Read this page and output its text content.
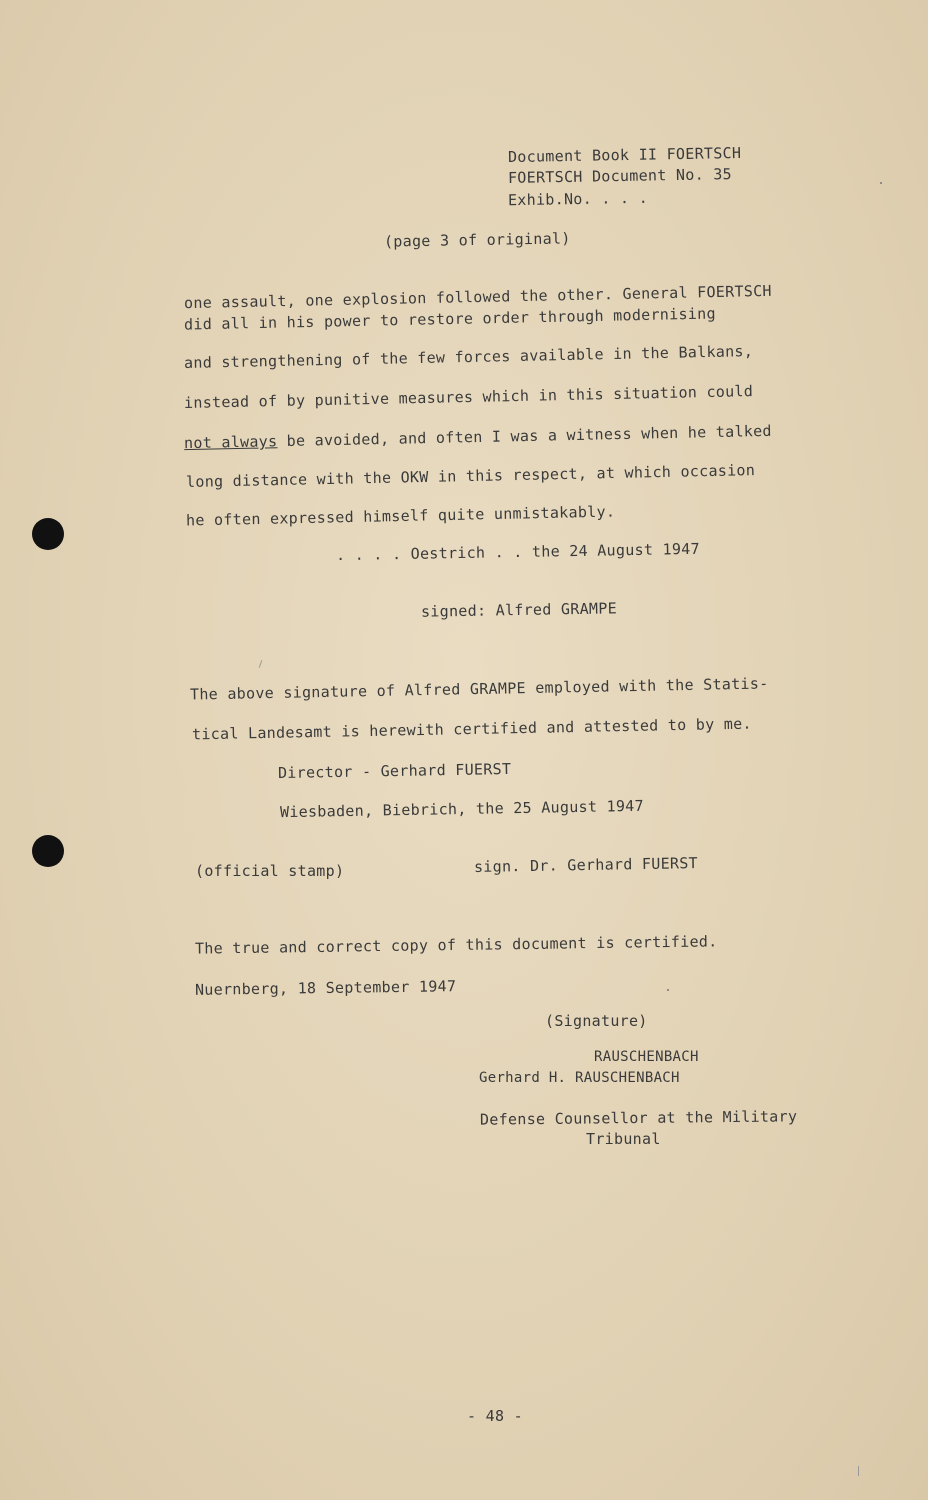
Document Book II FOERTSCH
FOERTSCH Document No. 35
Exhib.No. . . .
(page 3 of original)
one assault, one explosion followed the other. General FOERTSCH
did all in his power to restore order through modernising
and strengthening of the few forces available in the Balkans,
instead of by punitive measures which in this situation could
not always be avoided, and often I was a witness when he talked
long distance with the OKW in this respect, at which occasion
he often expressed himself quite unmistakably.
. . . . Oestrich . . the 24 August 1947
signed: Alfred GRAMPE
The above signature of Alfred GRAMPE employed with the Statis-
tical Landesamt is herewith certified and attested to by me.
Director - Gerhard FUERST
Wiesbaden, Biebrich, the 25 August 1947
(official stamp)	sign. Dr. Gerhard FUERST
The true and correct copy of this document is certified.
Nuernberg, 18 September 1947
(Signature)
RAUSCHENBACH
Gerhard H. RAUSCHENBACH
Defense Counsellor at the Military
Tribunal
- 48 -
